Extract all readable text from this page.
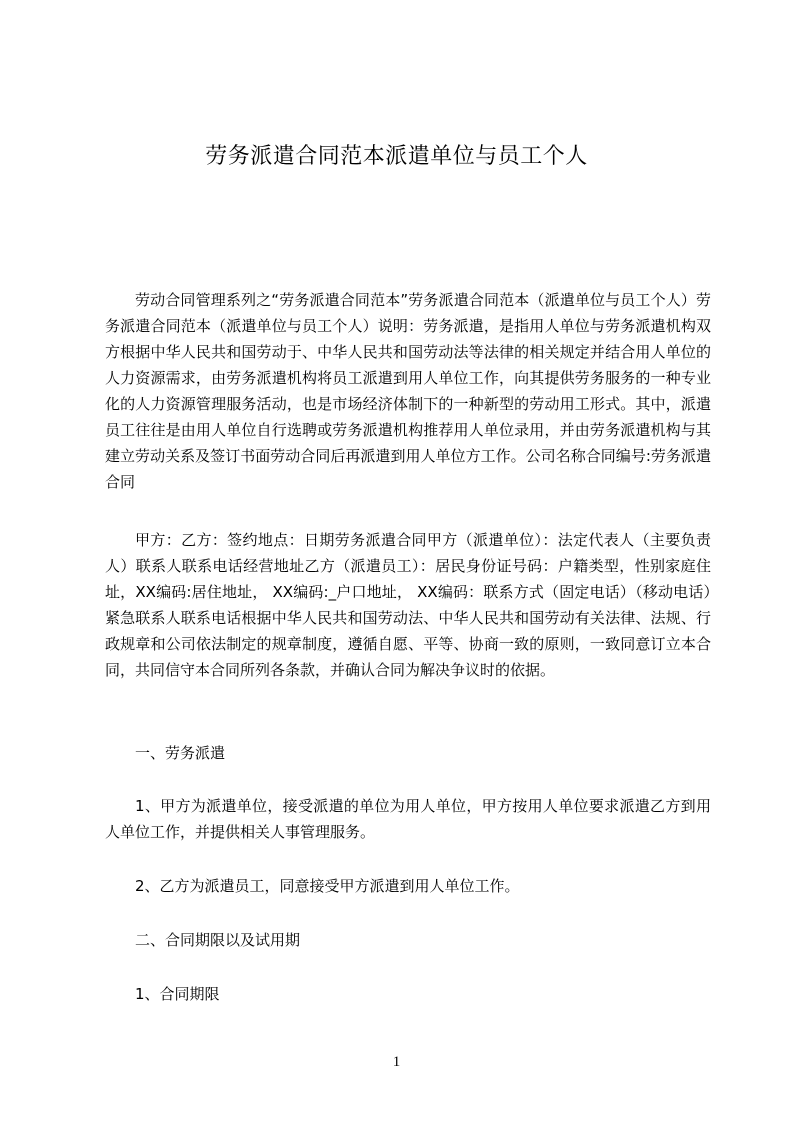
劳务派遣合同范本派遣单位与员工个人

劳动合同管理系列之“劳务派遣合同范本”劳务派遣合同范本（派遣单位与员工个人）劳务派遣合同范本（派遣单位与员工个人）说明：劳务派遣，是指用人单位与劳务派遣机构双方根据中华人民共和国劳动于、中华人民共和国劳动法等法律的相关规定并结合用人单位的人力资源需求，由劳务派遣机构将员工派遣到用人单位工作，向其提供劳务服务的一种专业化的人力资源管理服务活动，也是市场经济体制下的一种新型的劳动用工形式。其中，派遣员工往往是由用人单位自行选聘或劳务派遣机构推荐用人单位录用，并由劳务派遣机构与其建立劳动关系及签订书面劳动合同后再派遣到用人单位方工作。公司名称合同编号:劳务派遣合同

甲方：乙方：签约地点：日期劳务派遣合同甲方（派遣单位）：法定代表人（主要负责人）联系人联系电话经营地址乙方（派遣员工）：居民身份证号码：户籍类型，性别家庭住址，XX编码:居住地址， XX编码:_户口地址， XX编码：联系方式（固定电话）（移动电话）紧急联系人联系电话根据中华人民共和国劳动法、中华人民共和国劳动有关法律、法规、行政规章和公司依法制定的规章制度，遵循自愿、平等、协商一致的原则，一致同意订立本合同，共同信守本合同所列各条款，并确认合同为解决争议时的依据。

一、劳务派遣

1、甲方为派遣单位，接受派遣的单位为用人单位，甲方按用人单位要求派遣乙方到用人单位工作，并提供相关人事管理服务。

2、乙方为派遣员工，同意接受甲方派遣到用人单位工作。

二、合同期限以及试用期

1、合同期限

1
